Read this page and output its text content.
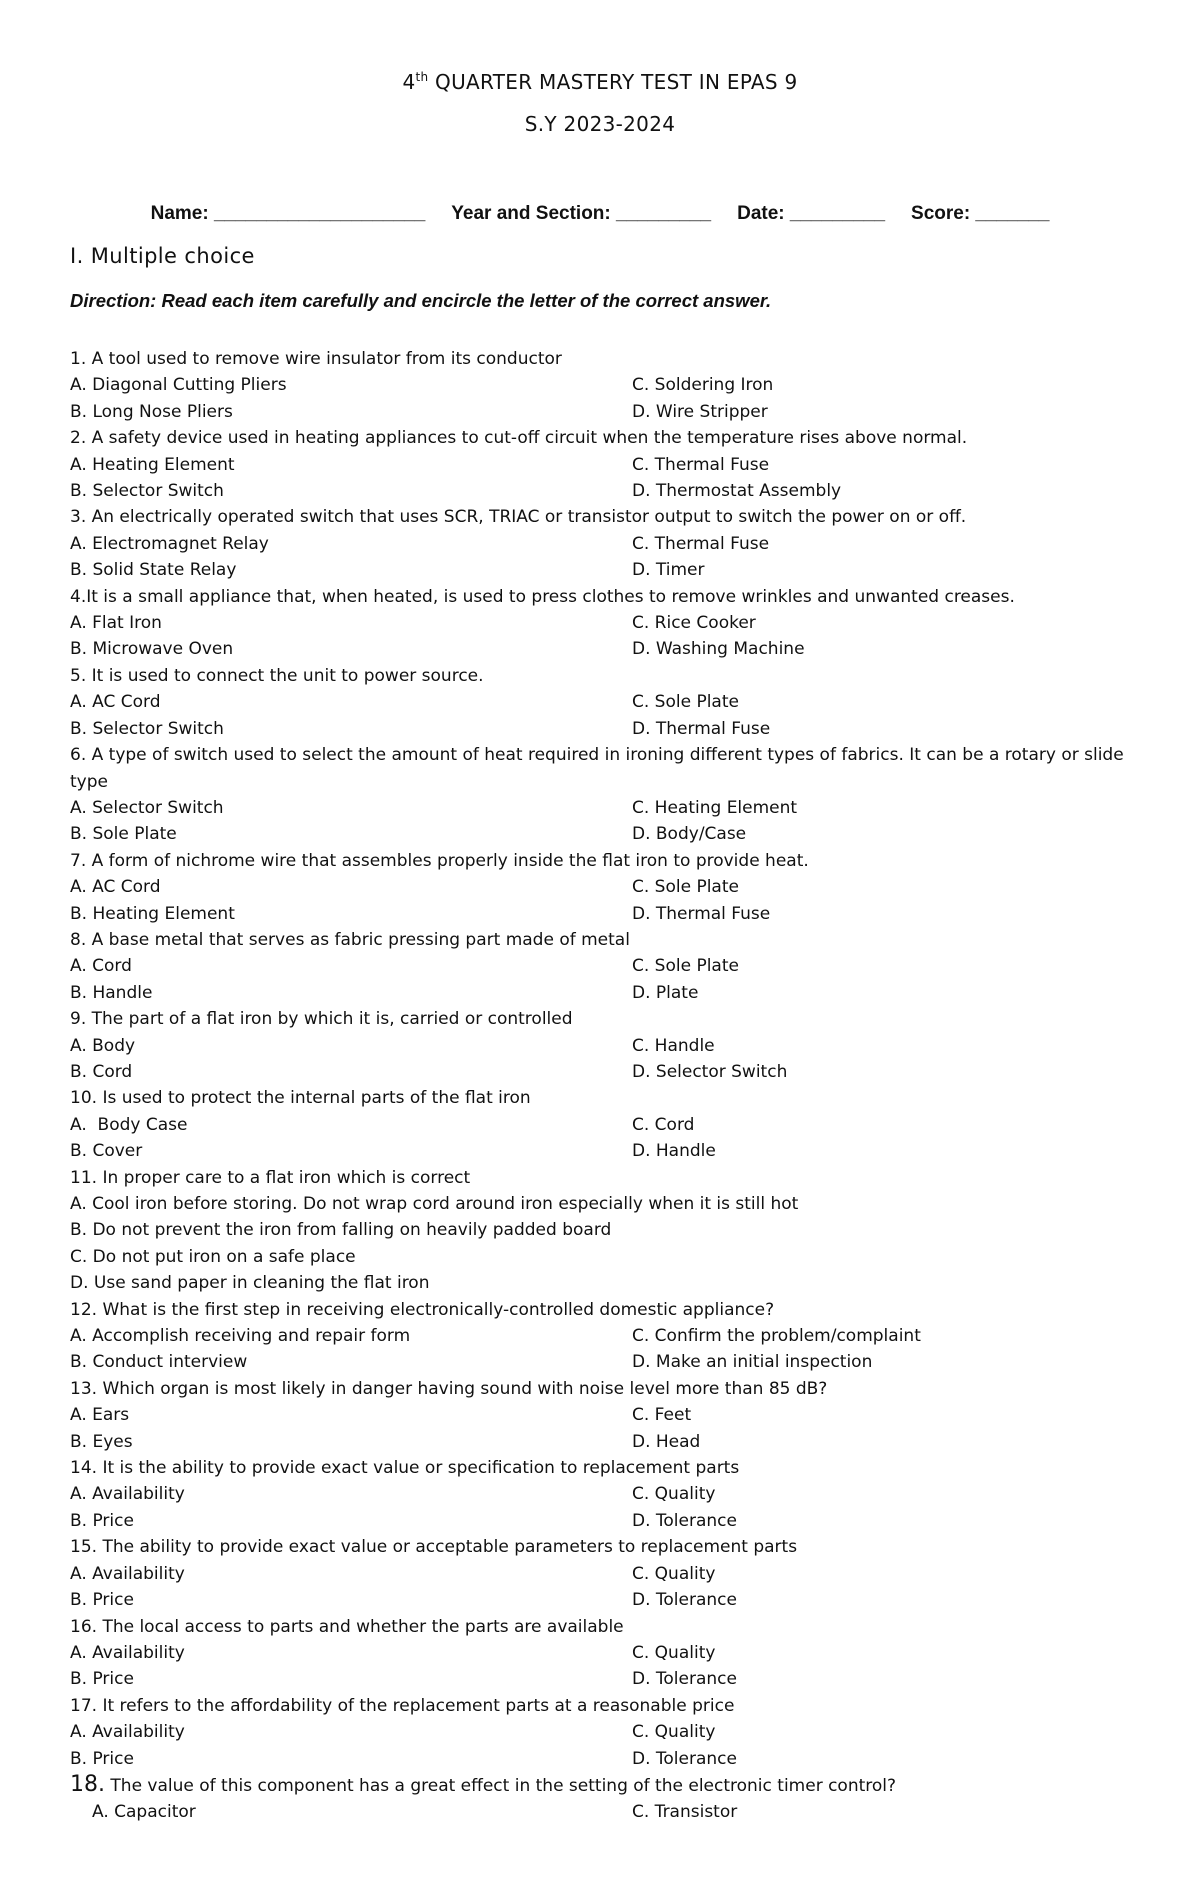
4th QUARTER MASTERY TEST IN EPAS 9
S.Y 2023-2024
Name: ____________________ Year and Section: _________ Date: _________ Score: _______
I. Multiple choice
Direction: Read each item carefully and encircle the letter of the correct answer.
1. A tool used to remove wire insulator from its conductor
A. Diagonal Cutting Pliers	C. Soldering Iron
B. Long Nose Pliers	D. Wire Stripper
2. A safety device used in heating appliances to cut-off circuit when the temperature rises above normal.
A. Heating Element	C. Thermal Fuse
B. Selector Switch	D. Thermostat Assembly
3. An electrically operated switch that uses SCR, TRIAC or transistor output to switch the power on or off.
A. Electromagnet Relay	C. Thermal Fuse
B. Solid State Relay	D. Timer
4.It is a small appliance that, when heated, is used to press clothes to remove wrinkles and unwanted creases.
A. Flat Iron	C. Rice Cooker
B. Microwave Oven	D. Washing Machine
5. It is used to connect the unit to power source.
A. AC Cord	C. Sole Plate
B. Selector Switch	D. Thermal Fuse
6. A type of switch used to select the amount of heat required in ironing different types of fabrics. It can be a rotary or slide type
A. Selector Switch	C. Heating Element
B. Sole Plate	D. Body/Case
7. A form of nichrome wire that assembles properly inside the flat iron to provide heat.
A. AC Cord	C. Sole Plate
B. Heating Element	D. Thermal Fuse
8. A base metal that serves as fabric pressing part made of metal
A. Cord	C. Sole Plate
B. Handle	D. Plate
9. The part of a flat iron by which it is, carried or controlled
A. Body	C. Handle
B. Cord	D. Selector Switch
10. Is used to protect the internal parts of the flat iron
A.  Body Case	C. Cord
B. Cover	D. Handle
11. In proper care to a flat iron which is correct
A. Cool iron before storing. Do not wrap cord around iron especially when it is still hot
B. Do not prevent the iron from falling on heavily padded board
C. Do not put iron on a safe place
D. Use sand paper in cleaning the flat iron
12. What is the first step in receiving electronically-controlled domestic appliance?
A. Accomplish receiving and repair form	C. Confirm the problem/complaint
B. Conduct interview	D. Make an initial inspection
13. Which organ is most likely in danger having sound with noise level more than 85 dB?
A. Ears	C. Feet
B. Eyes	D. Head
14. It is the ability to provide exact value or specification to replacement parts
A. Availability	C. Quality
B. Price	D. Tolerance
15. The ability to provide exact value or acceptable parameters to replacement parts
A. Availability	C. Quality
B. Price	D. Tolerance
16. The local access to parts and whether the parts are available
A. Availability	C. Quality
B. Price	D. Tolerance
17. It refers to the affordability of the replacement parts at a reasonable price
A. Availability	C. Quality
B. Price	D. Tolerance
18. The value of this component has a great effect in the setting of the electronic timer control?
A. Capacitor	C. Transistor
